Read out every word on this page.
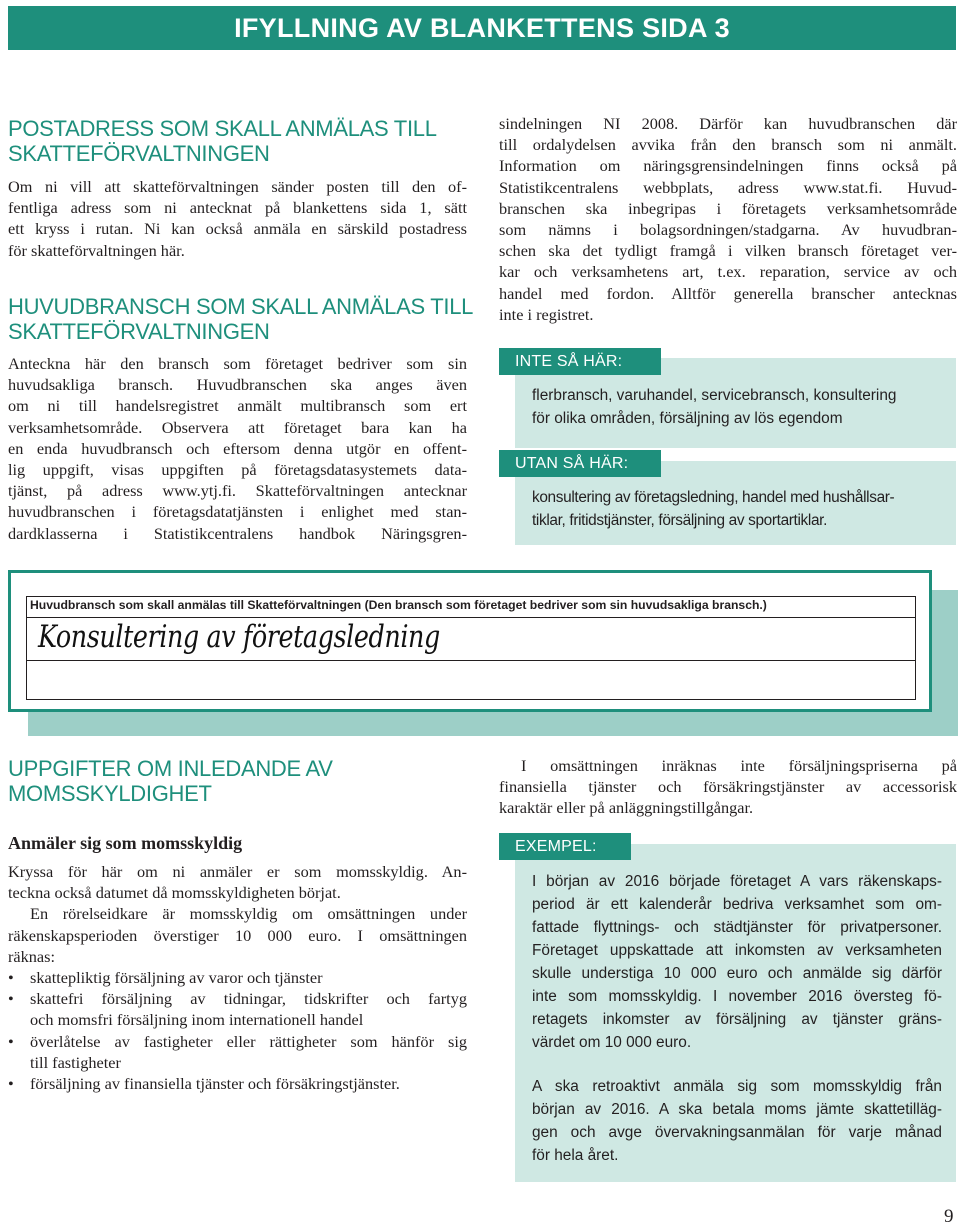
IFYLLNING AV BLANKETTENS SIDA 3
POSTADRESS SOM SKALL ANMÄLAS TILL
SKATTEFÖRVALTNINGEN

Om ni vill att skatteförvaltningen sänder posten till den of-

fentliga adress som ni antecknat på blankettens sida 1, sätt

ett kryss i rutan. Ni kan också anmäla en särskild postadress

för skatteförvaltningen här.

HUVUDBRANSCH SOM SKALL ANMÄLAS TILL
SKATTEFÖRVALTNINGEN

Anteckna här den bransch som företaget bedriver som sin

huvudsakliga bransch. Huvudbranschen ska anges även

om ni till handelsregistret anmält multibransch som ert

verksamhetsområde. Observera att företaget bara kan ha

en enda huvudbransch och eftersom denna utgör en offent-

lig uppgift, visas uppgiften på företagsdatasystemets data-

tjänst, på adress www.ytj.fi. Skatteförvaltningen antecknar

huvudbranschen i företagsdatatjänsten i enlighet med stan-

dardklasserna i Statistikcentralens handbok Näringsgren-

sindelningen NI 2008. Därför kan huvudbranschen där

till ordalydelsen avvika från den bransch som ni anmält.

Information om näringsgrensindelningen finns också på

Statistikcentralens webbplats, adress www.stat.fi. Huvud-

branschen ska inbegripas i företagets verksamhetsområde

som nämns i bolagsordningen/stadgarna. Av huvudbran-

schen ska det tydligt framgå i vilken bransch företaget ver-

kar och verksamhetens art, t.ex. reparation, service av och

handel med fordon. Alltför generella branscher antecknas

inte i registret.

INTE SÅ HÄR:
flerbransch, varuhandel, servicebransch, konsultering
för olika områden, försäljning av lös egendom
UTAN SÅ HÄR:
konsultering av företagsledning, handel med hushållsar-
tiklar, fritidstjänster, försäljning av sportartiklar.
Huvudbransch som skall anmälas till Skatteförvaltningen (Den bransch som företaget bedriver som sin huvudsakliga bransch.)
Konsultering av företagsledning
UPPGIFTER OM INLEDANDE AV
MOMSSKYLDIGHET
Anmäler sig som momsskyldig

Kryssa för här om ni anmäler er som momsskyldig. An-

teckna också datumet då momsskyldigheten börjat.

En rörelseidkare är momsskyldig om omsättningen under

räkenskapsperioden överstiger 10 000 euro. I omsättningen

räknas:

• skattepliktig försäljning av varor och tjänster
• skattefri försäljning av tidningar, tidskrifter och fartyg
och momsfri försäljning inom internationell handel
• överlåtelse av fastigheter eller rättigheter som hänför sig
till fastigheter
• försäljning av finansiella tjänster och försäkringstjänster.

I omsättningen inräknas inte försäljningspriserna på

finansiella tjänster och försäkringstjänster av accessorisk

karaktär eller på anläggningstillgångar.

EXEMPEL:
I början av 2016 började företaget A vars räkenskaps-
period är ett kalenderår bedriva verksamhet som om-
fattade flyttnings- och städtjänster för privatpersoner.
Företaget uppskattade att inkomsten av verksamheten
skulle understiga 10 000 euro och anmälde sig därför
inte som momsskyldig. I november 2016 översteg fö-
retagets inkomster av försäljning av tjänster gräns-
värdet om 10 000 euro.
A ska retroaktivt anmäla sig som momsskyldig från
början av 2016. A ska betala moms jämte skattetilläg-
gen och avge övervakningsanmälan för varje månad
för hela året.
9
